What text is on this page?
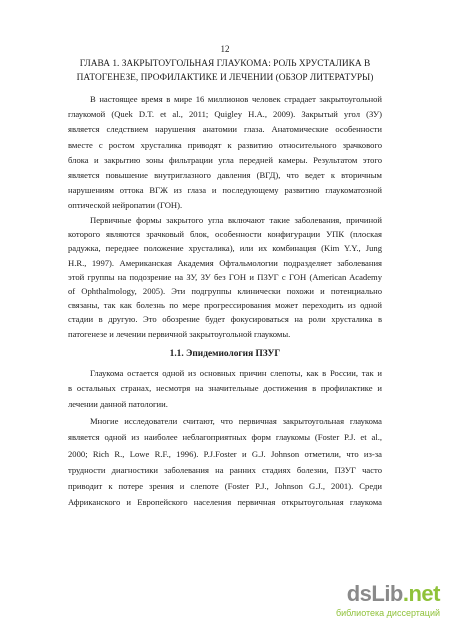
12
ГЛАВА 1. ЗАКРЫТОУГОЛЬНАЯ ГЛАУКОМА: РОЛЬ ХРУСТАЛИКА В
ПАТОГЕНЕЗЕ, ПРОФИЛАКТИКЕ И ЛЕЧЕНИИ (ОБЗОР ЛИТЕРАТУРЫ)
В настоящее время в мире 16 миллионов человек страдает закрытоугольной
глаукомой (Quek D.T. et al., 2011; Quigley H.A., 2009). Закрытый угол (ЗУ)
является следствием нарушения анатомии глаза. Анатомические особенности
вместе с ростом хрусталика приводят к развитию относительного зрачкового
блока и закрытию зоны фильтрации угла передней камеры. Результатом этого
является повышение внутриглазного давления (ВГД), что ведет к вторичным
нарушениям оттока ВГЖ из глаза и последующему развитию глаукоматозной
оптической нейропатии (ГОН).
Первичные формы закрытого угла включают такие заболевания, причиной
которого являются зрачковый блок, особенности конфигурации УПК (плоская
радужка, переднее положение хрусталика), или их комбинация (Kim Y.Y., Jung
H.R., 1997). Американская Академия Офтальмологии подразделяет заболевания
этой группы на подозрение на ЗУ, ЗУ без ГОН и ПЗУГ с ГОН (American Academy
of Ophthalmology, 2005). Эти подгруппы клинически похожи и потенциально
связаны, так как болезнь по мере прогрессирования может переходить из одной
стадии в другую. Это обозрение будет фокусироваться на роли хрусталика в
патогенезе и лечении первичной закрытоугольной глаукомы.
1.1. Эпидемиология ПЗУГ
Глаукома остается одной из основных причин слепоты, как в России, так и
в остальных странах, несмотря на значительные достижения в профилактике и
лечении данной патологии.
Многие исследователи считают, что первичная закрытоугольная глаукома
является одной из наиболее неблагоприятных форм глаукомы (Foster P.J. et al.,
2000; Rich R., Lowe R.F., 1996). P.J.Foster и G.J. Johnson отметили, что из-за
трудности диагностики заболевания на ранних стадиях болезни, ПЗУГ часто
приводит к потере зрения и слепоте (Foster P.J., Johnson G.J., 2001). Среди
Африканского и Европейского населения первичная открытоугольная глаукома
dsLib.net
библиотека диссертаций
